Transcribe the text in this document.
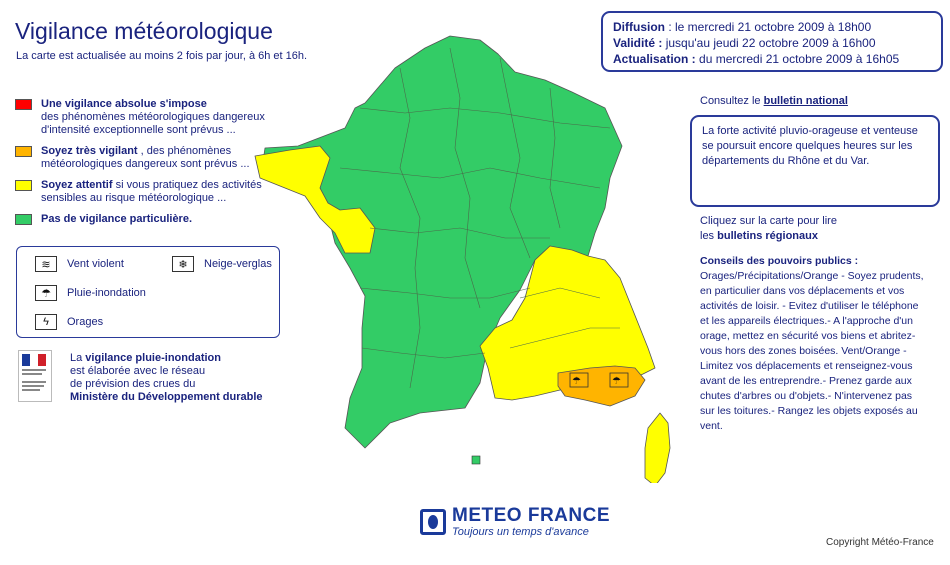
Vigilance météorologique
La carte est actualisée au moins 2 fois par jour, à 6h et 16h.
Diffusion : le mercredi 21 octobre 2009 à 18h00
Validité : jusqu'au jeudi 22 octobre 2009 à 16h00
Actualisation : du mercredi 21 octobre 2009 à 16h05
Une vigilance absolue s'impose
des phénomènes météorologiques dangereux d'intensité exceptionnelle sont prévus ...
Soyez très vigilant , des phénomènes météorologiques dangereux sont prévus ...
Soyez attentif si vous pratiquez des activités sensibles au risque météorologique ...
Pas de vigilance particulière.
≋	Vent violent	❄	Neige-verglas
☂	Pluie-inondation
ϟ	Orages
La vigilance pluie-inondation
est élaborée avec le réseau
de prévision des crues du
Ministère du Développement durable
☂	☂
Consultez le bulletin national
La forte activité pluvio-orageuse et venteuse se poursuit encore quelques heures sur les départements du Rhône et du Var.
Cliquez sur la carte pour lire
les bulletins régionaux
Conseils des pouvoirs publics :
Orages/Précipitations/Orange - Soyez prudents, en particulier dans vos déplacements et vos activités de loisir. - Evitez d'utiliser le téléphone et les appareils électriques.- A l'approche d'un orage, mettez en sécurité vos biens et abritez-vous hors des zones boisées. Vent/Orange - Limitez vos déplacements et renseignez-vous avant de les entreprendre.- Prenez garde aux chutes d'arbres ou d'objets.- N'intervenez pas sur les toitures.- Rangez les objets exposés au vent.
METEO FRANCE
Toujours un temps d'avance
Copyright Météo-France
